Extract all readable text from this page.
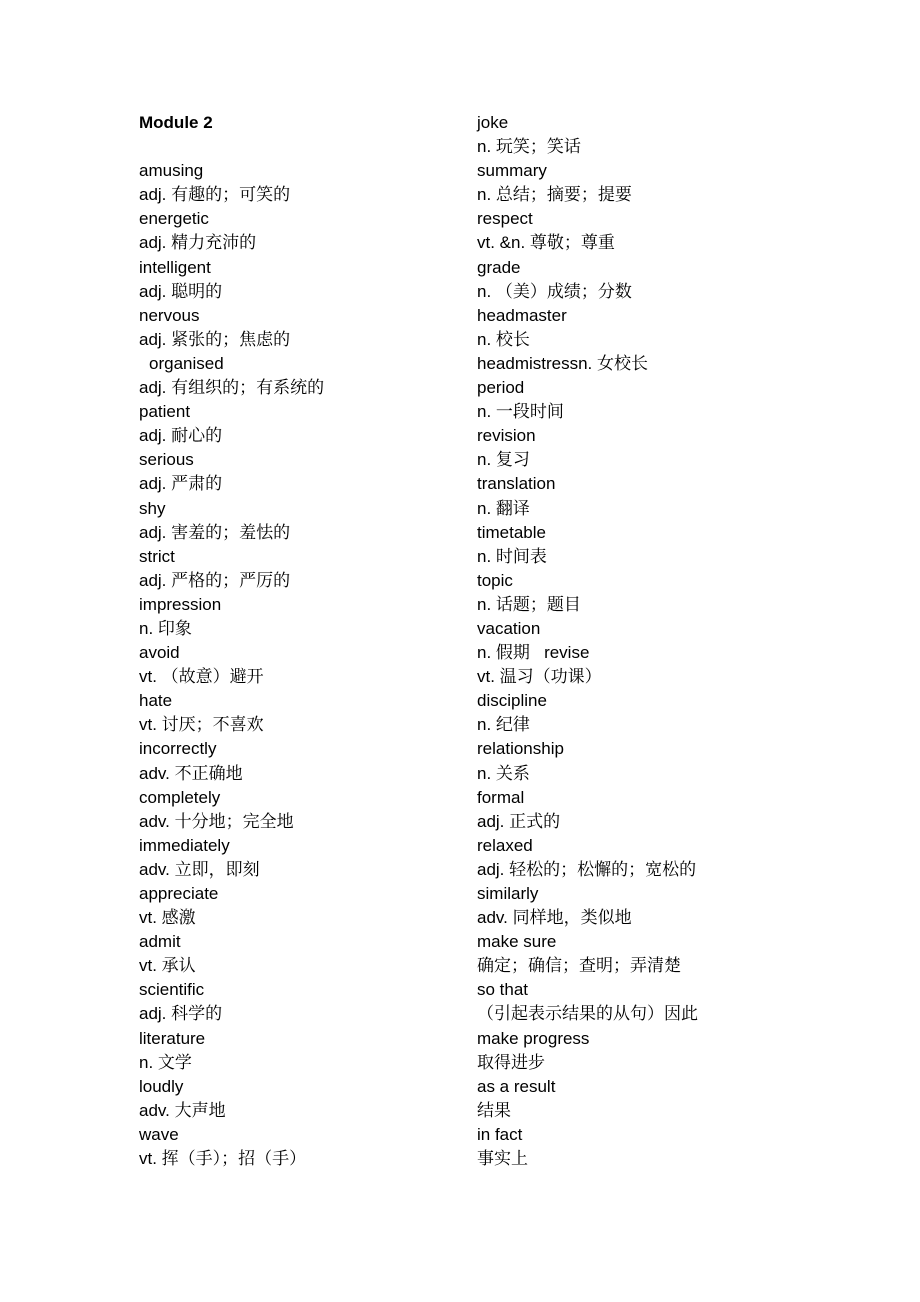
Module 2
amusing
adj. 有趣的；可笑的
energetic
adj. 精力充沛的
intelligent
adj. 聪明的
nervous
adj. 紧张的；焦虑的
organised
adj. 有组织的；有系统的
patient
adj. 耐心的
serious
adj. 严肃的
shy
adj. 害羞的；羞怯的
strict
adj. 严格的；严厉的
impression
n. 印象
avoid
vt. （故意）避开
hate
vt. 讨厌；不喜欢
incorrectly
adv. 不正确地
completely
adv. 十分地；完全地
immediately
adv. 立即，即刻
appreciate
vt. 感激
admit
vt. 承认
scientific
adj. 科学的
literature
n. 文学
loudly
adv. 大声地
wave
vt. 挥（手）；招（手）
joke
n. 玩笑；笑话
summary
n. 总结；摘要；提要
respect
vt. &n. 尊敬；尊重
grade
n. （美）成绩；分数
headmaster
n. 校长
headmistressn. 女校长
period
n. 一段时间
revision
n. 复习
translation
n. 翻译
timetable
n. 时间表
topic
n. 话题；题目
vacation
n. 假期   revise
vt. 温习（功课）
discipline
n. 纪律
relationship
n. 关系
formal
adj. 正式的
relaxed
adj. 轻松的；松懈的；宽松的
similarly
adv. 同样地，类似地
make sure
确定；确信；查明；弄清楚
so that
（引起表示结果的从句）因此
make progress
取得进步
as a result
结果
in fact
事实上
